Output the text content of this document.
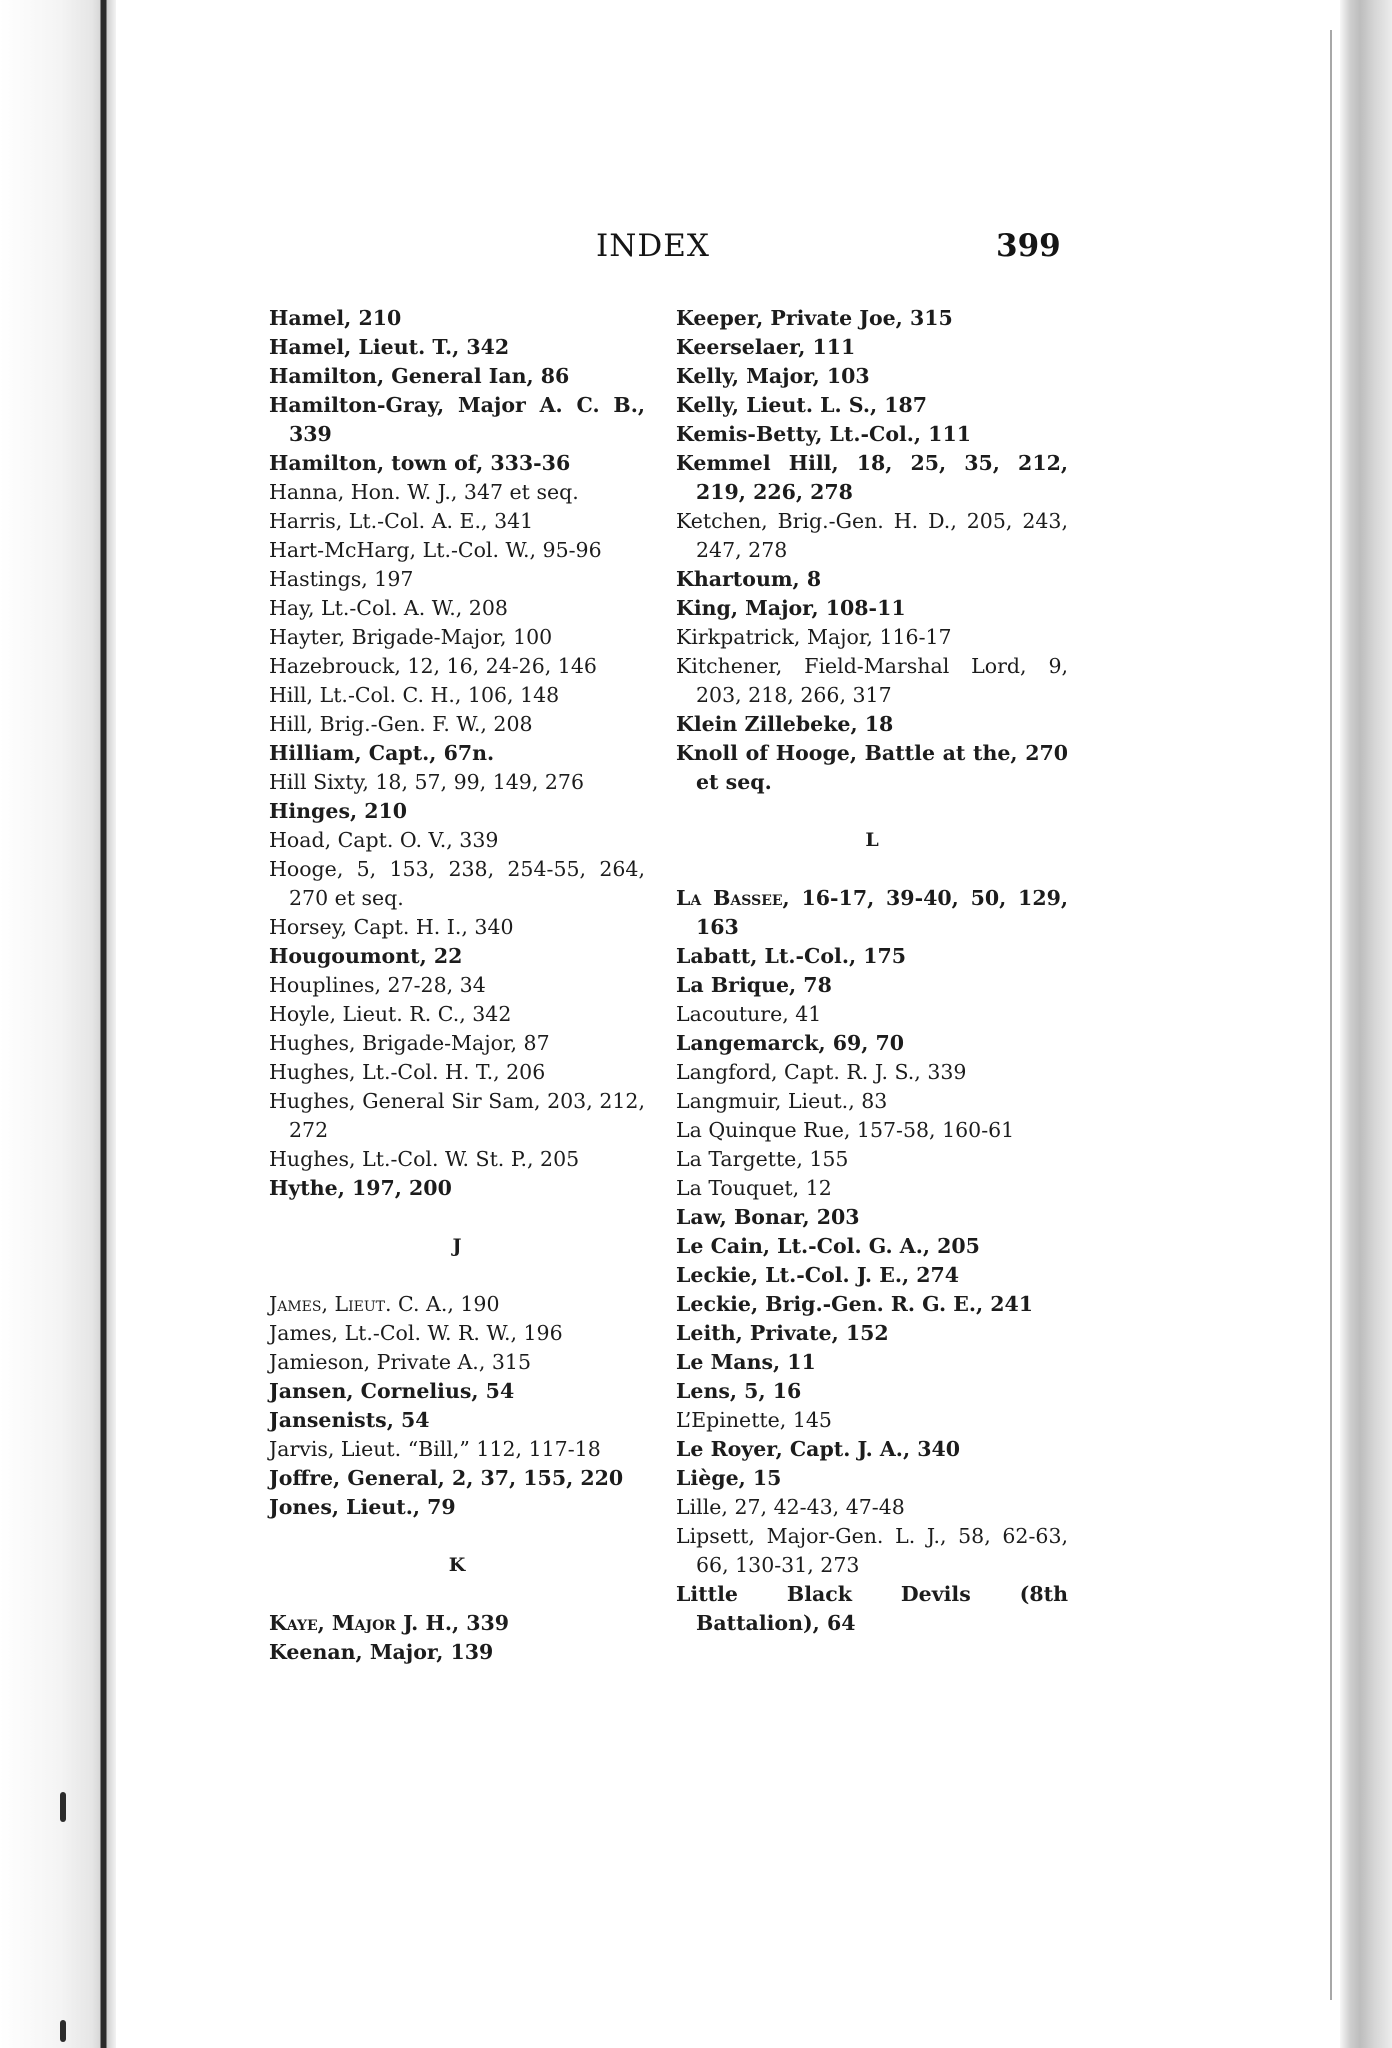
INDEX	399
Hamel, 210
Hamel, Lieut. T., 342
Hamilton, General Ian, 86
Hamilton-Gray, Major A. C. B., 339
Hamilton, town of, 333-36
Hanna, Hon. W. J., 347 et seq.
Harris, Lt.-Col. A. E., 341
Hart-McHarg, Lt.-Col. W., 95-96
Hastings, 197
Hay, Lt.-Col. A. W., 208
Hayter, Brigade-Major, 100
Hazebrouck, 12, 16, 24-26, 146
Hill, Lt.-Col. C. H., 106, 148
Hill, Brig.-Gen. F. W., 208
Hilliam, Capt., 67n.
Hill Sixty, 18, 57, 99, 149, 276
Hinges, 210
Hoad, Capt. O. V., 339
Hooge, 5, 153, 238, 254-55, 264, 270 et seq.
Horsey, Capt. H. I., 340
Hougoumont, 22
Houplines, 27-28, 34
Hoyle, Lieut. R. C., 342
Hughes, Brigade-Major, 87
Hughes, Lt.-Col. H. T., 206
Hughes, General Sir Sam, 203, 212, 272
Hughes, Lt.-Col. W. St. P., 205
Hythe, 197, 200
J
James, Lieut. C. A., 190
James, Lt.-Col. W. R. W., 196
Jamieson, Private A., 315
Jansen, Cornelius, 54
Jansenists, 54
Jarvis, Lieut. “Bill,” 112, 117-18
Joffre, General, 2, 37, 155, 220
Jones, Lieut., 79
K
Kaye, Major J. H., 339
Keenan, Major, 139
Keeper, Private Joe, 315
Keerselaer, 111
Kelly, Major, 103
Kelly, Lieut. L. S., 187
Kemis-Betty, Lt.-Col., 111
Kemmel Hill, 18, 25, 35, 212, 219, 226, 278
Ketchen, Brig.-Gen. H. D., 205, 243, 247, 278
Khartoum, 8
King, Major, 108-11
Kirkpatrick, Major, 116-17
Kitchener, Field-Marshal Lord, 9, 203, 218, 266, 317
Klein Zillebeke, 18
Knoll of Hooge, Battle at the, 270 et seq.
L
La Bassee, 16-17, 39-40, 50, 129, 163
Labatt, Lt.-Col., 175
La Brique, 78
Lacouture, 41
Langemarck, 69, 70
Langford, Capt. R. J. S., 339
Langmuir, Lieut., 83
La Quinque Rue, 157-58, 160-61
La Targette, 155
La Touquet, 12
Law, Bonar, 203
Le Cain, Lt.-Col. G. A., 205
Leckie, Lt.-Col. J. E., 274
Leckie, Brig.-Gen. R. G. E., 241
Leith, Private, 152
Le Mans, 11
Lens, 5, 16
L’Epinette, 145
Le Royer, Capt. J. A., 340
Liège, 15
Lille, 27, 42-43, 47-48
Lipsett, Major-Gen. L. J., 58, 62-63, 66, 130-31, 273
Little Black Devils (8th Battalion), 64
